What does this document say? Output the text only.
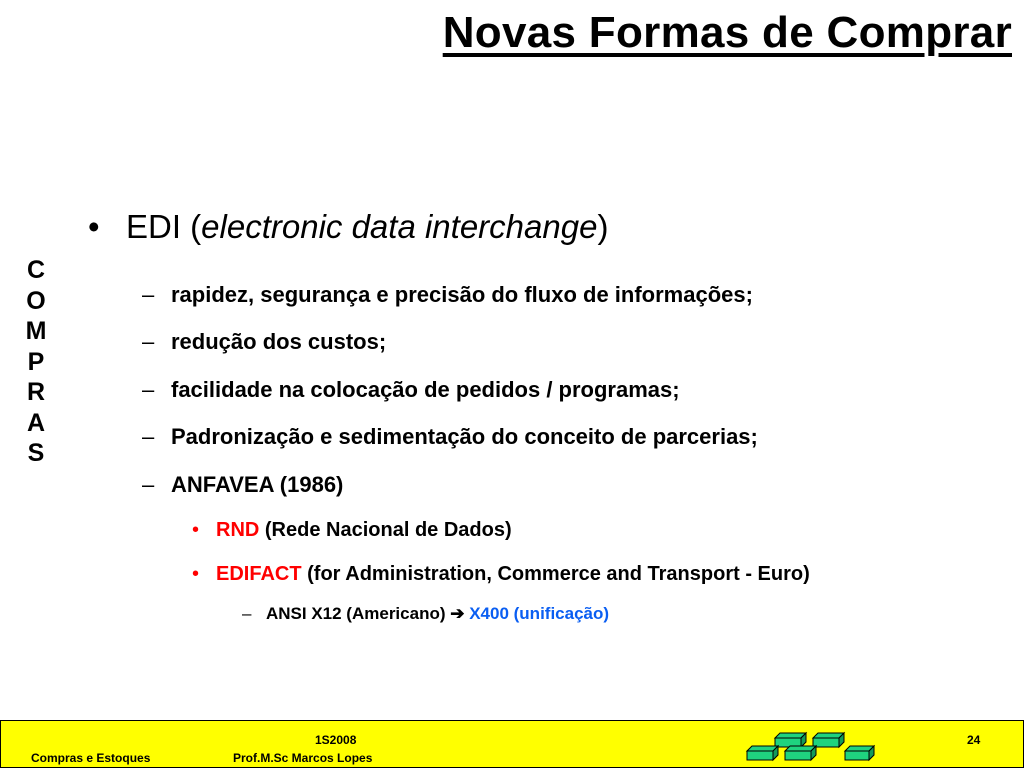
Novas Formas de Comprar
C
O
M
P
R
A
S
• EDI (electronic data interchange)
– rapidez, segurança e precisão do fluxo de informações;
– redução dos custos;
– facilidade na colocação de pedidos / programas;
– Padronização e sedimentação do conceito de parcerias;
– ANFAVEA (1986)
• RND (Rede Nacional de Dados)
• EDIFACT (for Administration, Commerce and Transport - Euro)
– ANSI X12 (Americano) ➔ X400 (unificação)
Compras e Estoques
1S2008
Prof.M.Sc Marcos Lopes
24
